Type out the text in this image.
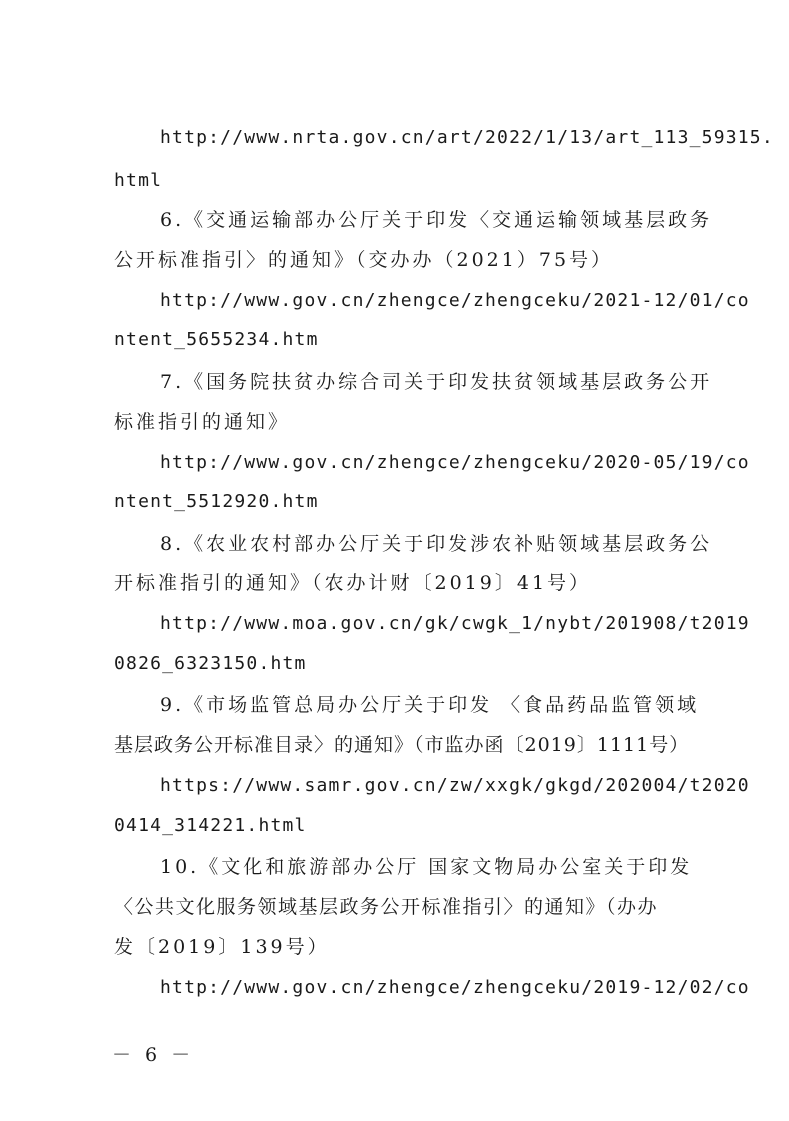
http://www.nrta.gov.cn/art/2022/1/13/art_113_59315.
html
6.《交通运输部办公厅关于印发〈交通运输领域基层政务
公开标准指引〉的通知》（交办办（2021）75号）
http://www.gov.cn/zhengce/zhengceku/2021-12/01/co
ntent_5655234.htm
7.《国务院扶贫办综合司关于印发扶贫领域基层政务公开
标准指引的通知》
http://www.gov.cn/zhengce/zhengceku/2020-05/19/co
ntent_5512920.htm
8.《农业农村部办公厅关于印发涉农补贴领域基层政务公
开标准指引的通知》（农办计财〔2019〕41号）
http://www.moa.gov.cn/gk/cwgk_1/nybt/201908/t2019
0826_6323150.htm
9.《市场监管总局办公厅关于印发 〈食品药品监管领域
基层政务公开标准目录〉的通知》（市监办函〔2019〕1111号）
https://www.samr.gov.cn/zw/xxgk/gkgd/202004/t2020
0414_314221.html
10.《文化和旅游部办公厅 国家文物局办公室关于印发
〈公共文化服务领域基层政务公开标准指引〉的通知》（办办
发〔2019〕139号）
http://www.gov.cn/zhengce/zhengceku/2019-12/02/co
－ 6 －
